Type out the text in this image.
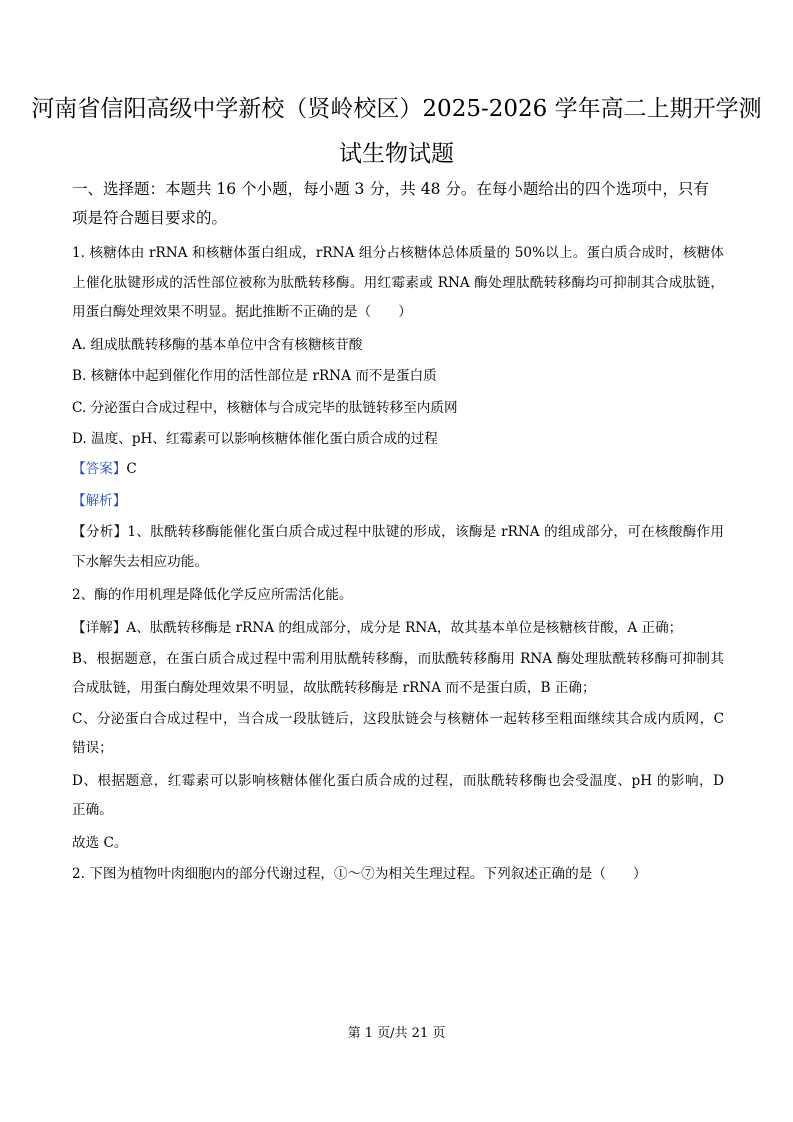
河南省信阳高级中学新校（贤岭校区）2025-2026 学年高二上期开学测
试生物试题
一、选择题：本题共 16 个小题，每小题 3 分，共 48 分。在每小题给出的四个选项中，只有
项是符合题目要求的。
1. 核糖体由 rRNA 和核糖体蛋白组成，rRNA 组分占核糖体总体质量的 50%以上。蛋白质合成时，核糖体
上催化肽键形成的活性部位被称为肽酰转移酶。用红霉素或 RNA 酶处理肽酰转移酶均可抑制其合成肽链，
用蛋白酶处理效果不明显。据此推断不正确的是（　　）
A. 组成肽酰转移酶的基本单位中含有核糖核苷酸
B. 核糖体中起到催化作用的活性部位是 rRNA 而不是蛋白质
C. 分泌蛋白合成过程中，核糖体与合成完毕的肽链转移至内质网
D. 温度、pH、红霉素可以影响核糖体催化蛋白质合成的过程
【答案】C
【解析】
【分析】1、肽酰转移酶能催化蛋白质合成过程中肽键的形成，该酶是 rRNA 的组成部分，可在核酸酶作用
下水解失去相应功能。
2、酶的作用机理是降低化学反应所需活化能。
【详解】A、肽酰转移酶是 rRNA 的组成部分，成分是 RNA，故其基本单位是核糖核苷酸，A 正确；
B、根据题意，在蛋白质合成过程中需利用肽酰转移酶，而肽酰转移酶用 RNA 酶处理肽酰转移酶可抑制其
合成肽链，用蛋白酶处理效果不明显，故肽酰转移酶是 rRNA 而不是蛋白质，B 正确；
C、分泌蛋白合成过程中，当合成一段肽链后，这段肽链会与核糖体一起转移至粗面继续其合成内质网，C
错误；
D、根据题意，红霉素可以影响核糖体催化蛋白质合成的过程，而肽酰转移酶也会受温度、pH 的影响，D
正确。
故选 C。
2. 下图为植物叶肉细胞内的部分代谢过程，①～⑦为相关生理过程。下列叙述正确的是（　　）
第 1 页/共 21 页
